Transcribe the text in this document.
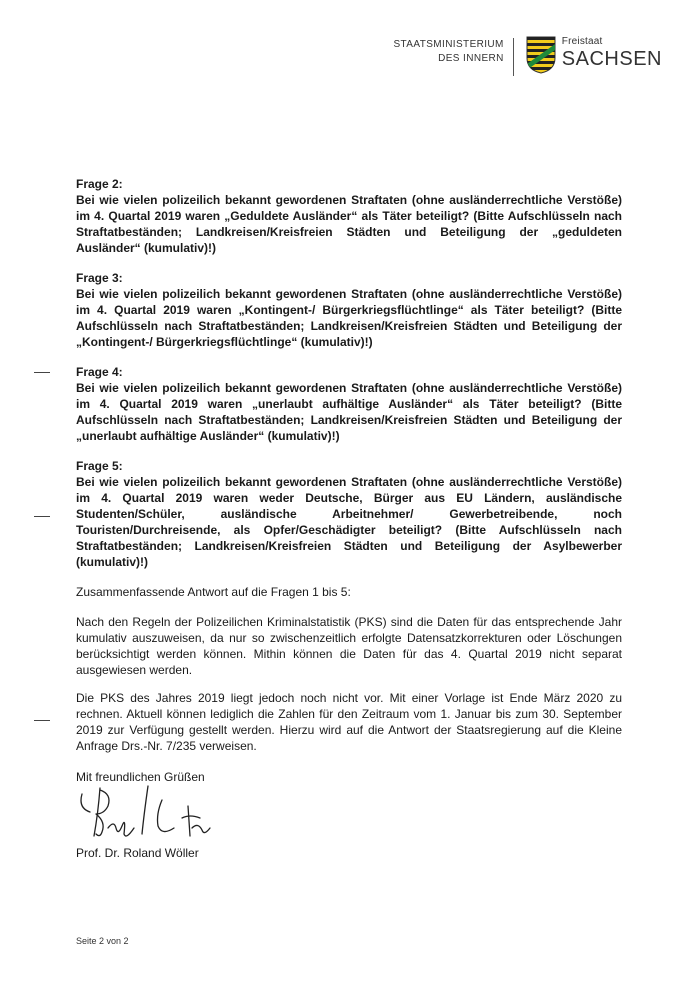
STAATSMINISTERIUM
DES INNERN
Freistaat
SACHSEN
Frage 2:
Bei wie vielen polizeilich bekannt gewordenen Straftaten (ohne ausländerrechtliche Verstöße) im 4. Quartal 2019 waren „Geduldete Ausländer“ als Täter beteiligt? (Bitte Aufschlüsseln nach Straftatbeständen; Landkreisen/Kreisfreien Städten und Beteiligung der „geduldeten Ausländer“ (kumulativ)!)
Frage 3:
Bei wie vielen polizeilich bekannt gewordenen Straftaten (ohne ausländerrechtliche Verstöße) im 4. Quartal 2019 waren „Kontingent-/ Bürgerkriegsflüchtlinge“ als Täter beteiligt? (Bitte Aufschlüsseln nach Straftatbeständen; Landkreisen/Kreisfreien Städten und Beteiligung der „Kontingent-/ Bürgerkriegsflüchtlinge“ (kumulativ)!)
Frage 4:
Bei wie vielen polizeilich bekannt gewordenen Straftaten (ohne ausländerrechtliche Verstöße) im 4. Quartal 2019 waren „unerlaubt aufhältige Ausländer“ als Täter beteiligt? (Bitte Aufschlüsseln nach Straftatbeständen; Landkreisen/Kreisfreien Städten und Beteiligung der „unerlaubt aufhältige Ausländer“ (kumulativ)!)
Frage 5:
Bei wie vielen polizeilich bekannt gewordenen Straftaten (ohne ausländerrechtliche Verstöße) im 4. Quartal 2019 waren weder Deutsche, Bürger aus EU Ländern, ausländische Studenten/Schüler, ausländische Arbeitnehmer/ Gewerbetreibende, noch Touristen/Durchreisende, als Opfer/Geschädigter beteiligt? (Bitte Aufschlüsseln nach Straftatbeständen; Landkreisen/Kreisfreien Städten und Beteiligung der Asylbewerber (kumulativ)!)

Zusammenfassende Antwort auf die Fragen 1 bis 5:

Nach den Regeln der Polizeilichen Kriminalstatistik (PKS) sind die Daten für das entsprechende Jahr kumulativ auszuweisen, da nur so zwischenzeitlich erfolgte Datensatzkorrekturen oder Löschungen berücksichtigt werden können. Mithin können die Daten für das 4. Quartal 2019 nicht separat ausgewiesen werden.

Die PKS des Jahres 2019 liegt jedoch noch nicht vor. Mit einer Vorlage ist Ende März 2020 zu rechnen. Aktuell können lediglich die Zahlen für den Zeitraum vom 1. Januar bis zum 30. September 2019 zur Verfügung gestellt werden. Hierzu wird auf die Antwort der Staatsregierung auf die Kleine Anfrage Drs.-Nr. 7/235 verweisen.

Mit freundlichen Grüßen
Prof. Dr. Roland Wöller
Seite 2 von 2
